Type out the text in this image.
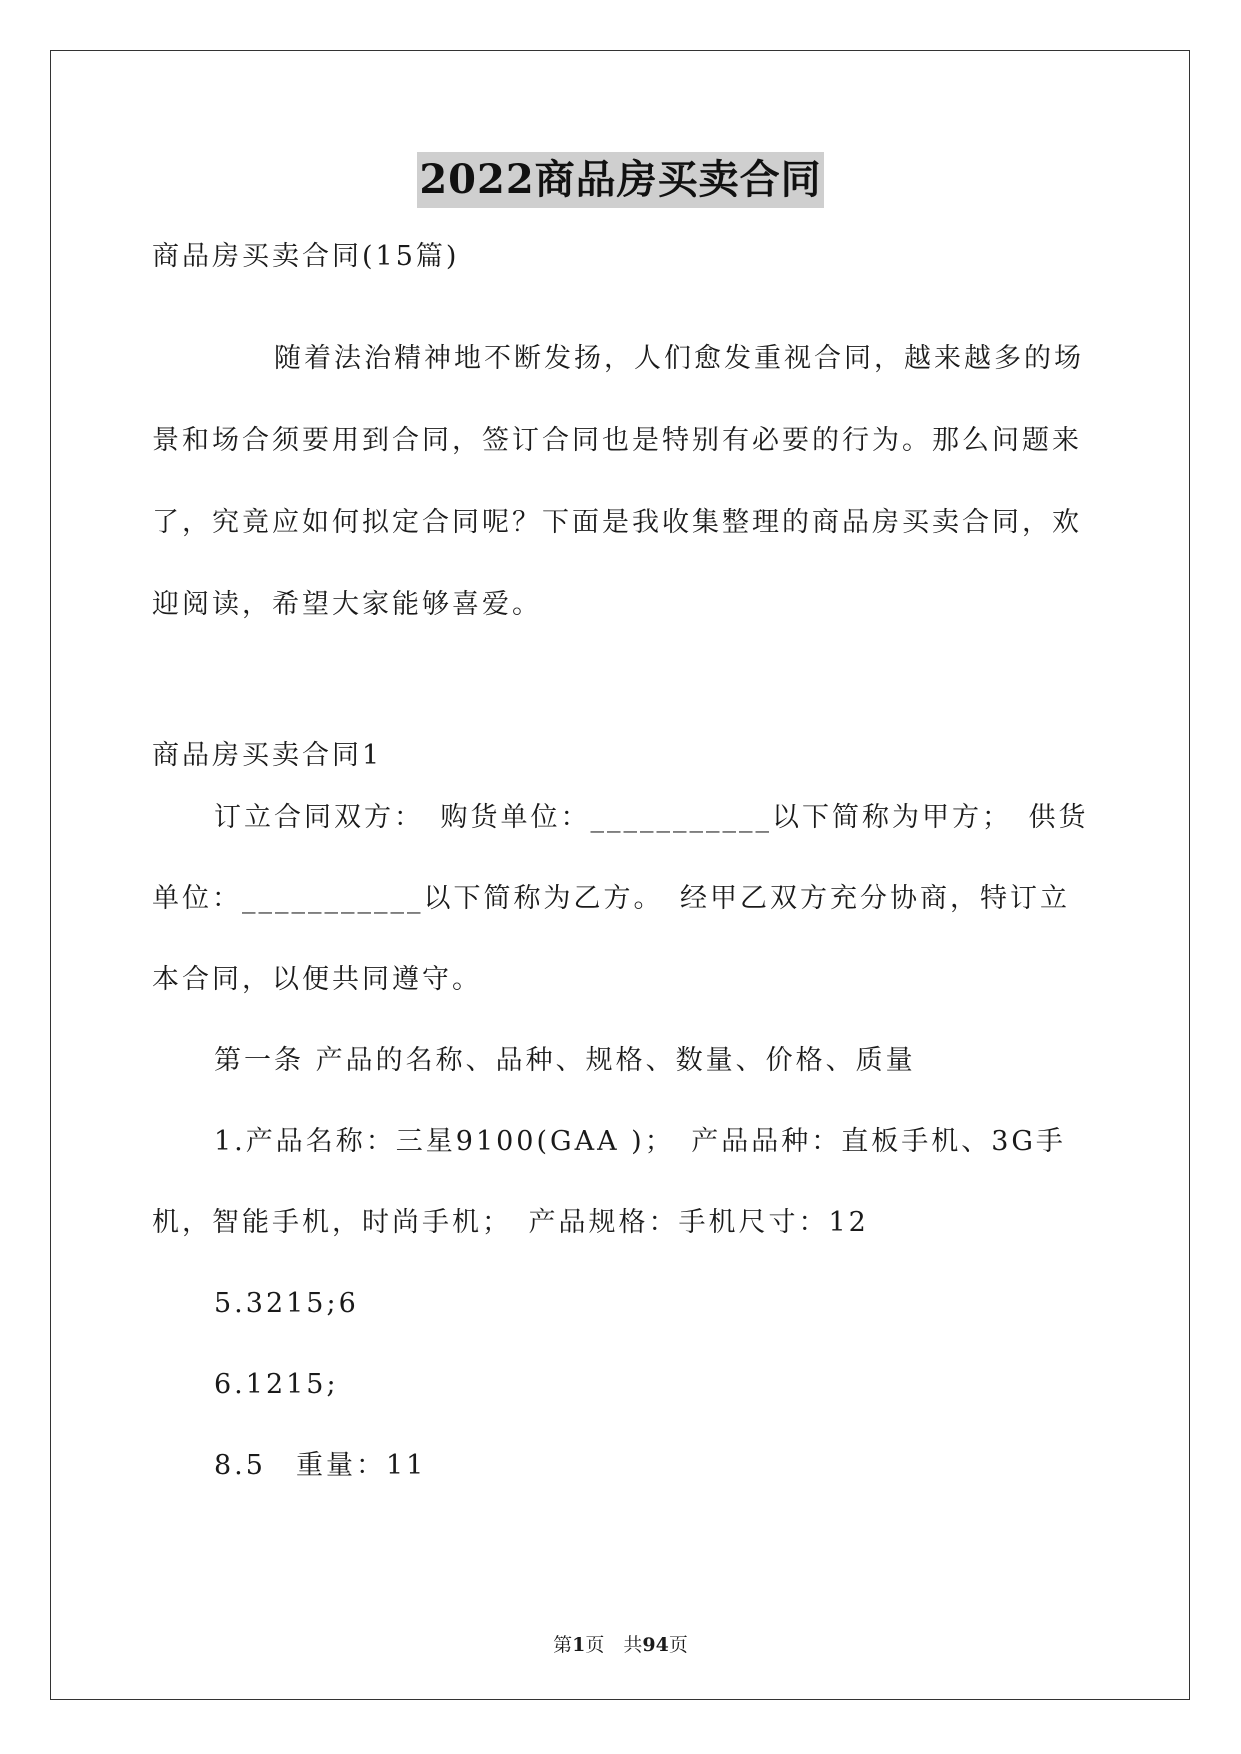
2022商品房买卖合同

商品房买卖合同(15篇)

随着法治精神地不断发扬，人们愈发重视合同，越来越多的场景和场合须要用到合同，签订合同也是特别有必要的行为。那么问题来了，究竟应如何拟定合同呢？下面是我收集整理的商品房买卖合同，欢迎阅读，希望大家能够喜爱。

商品房买卖合同1

订立合同双方：　购货单位：___________以下简称为甲方；　供货单位：___________以下简称为乙方。　经甲乙双方充分协商，特订立本合同，以便共同遵守。

第一条 产品的名称、品种、规格、数量、价格、质量

1.产品名称：三星9100(GAA )；　产品品种：直板手机、3G手机，智能手机，时尚手机；　产品规格：手机尺寸：12

5.3215;6

6.1215;

8.5　重量：11

第1页　共94页
